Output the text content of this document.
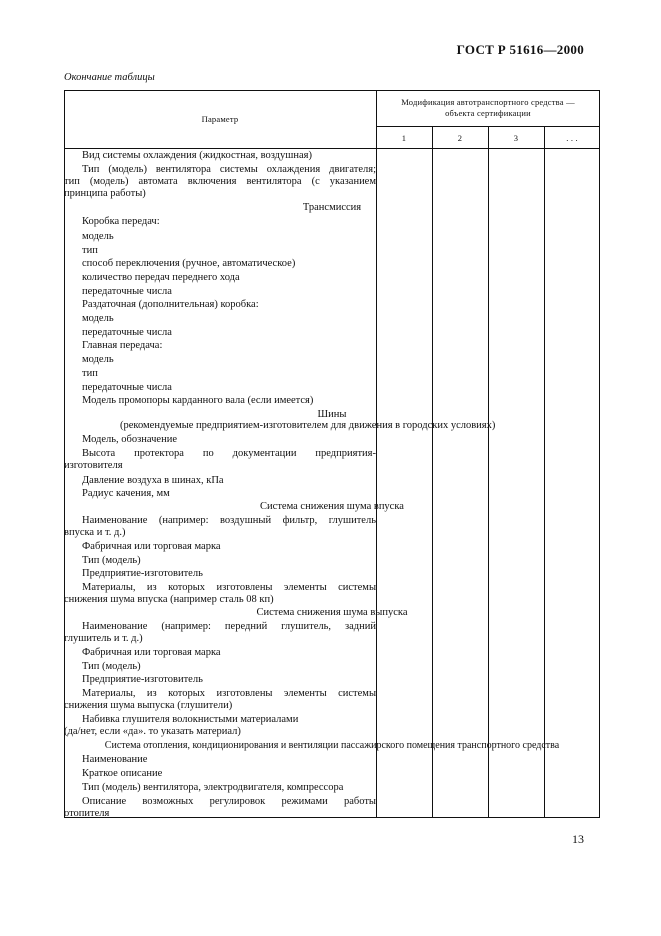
ГОСТ Р 51616—2000
Окончание таблицы
Параметр
Модификация автотранспортного средства —
объекта сертификации
1	2	3	. . .
Вид системы охлаждения (жидкостная, воздушная)
Тип (модель) вентилятора системы охлаждения двигателя;
тип (модель) автомата включения вентилятора (с указанием
принципа работы)
Трансмиссия
Коробка передач:
модель
тип
способ переключения (ручное, автоматическое)
количество передач переднего хода
передаточные числа
Раздаточная (дополнительная) коробка:
модель
передаточные числа
Главная передача:
модель
тип
передаточные числа
Модель промопоры карданного вала (если имеется)
Шины
(рекомендуемые предприятием-изготовителем для движения в городских условиях)
Модель, обозначение
Высота протектора по документации предприятия-
изготовителя
Давление воздуха в шинах, кПа
Радиус качения, мм
Система снижения шума впуска
Наименование (например: воздушный фильтр, глушитель
впуска и т. д.)
Фабричная или торговая марка
Тип (модель)
Предприятие-изготовитель
Материалы, из которых изготовлены элементы системы
снижения шума впуска (например сталь 08 кп)
Система снижения шума выпуска
Наименование (например: передний глушитель, задний
глушитель и т. д.)
Фабричная или торговая марка
Тип (модель)
Предприятие-изготовитель
Материалы, из которых изготовлены элементы системы
снижения шума выпуска (глушители)
Набивка глушителя волокнистыми материалами
(да/нет, если «да». то указать материал)
Система отопления, кондиционирования и вентиляции пассажирского помещения транспортного средства
Наименование
Краткое описание
Тип (модель) вентилятора, электродвигателя, компрессора
Описание возможных регулировок режимами работы
отопителя
13
